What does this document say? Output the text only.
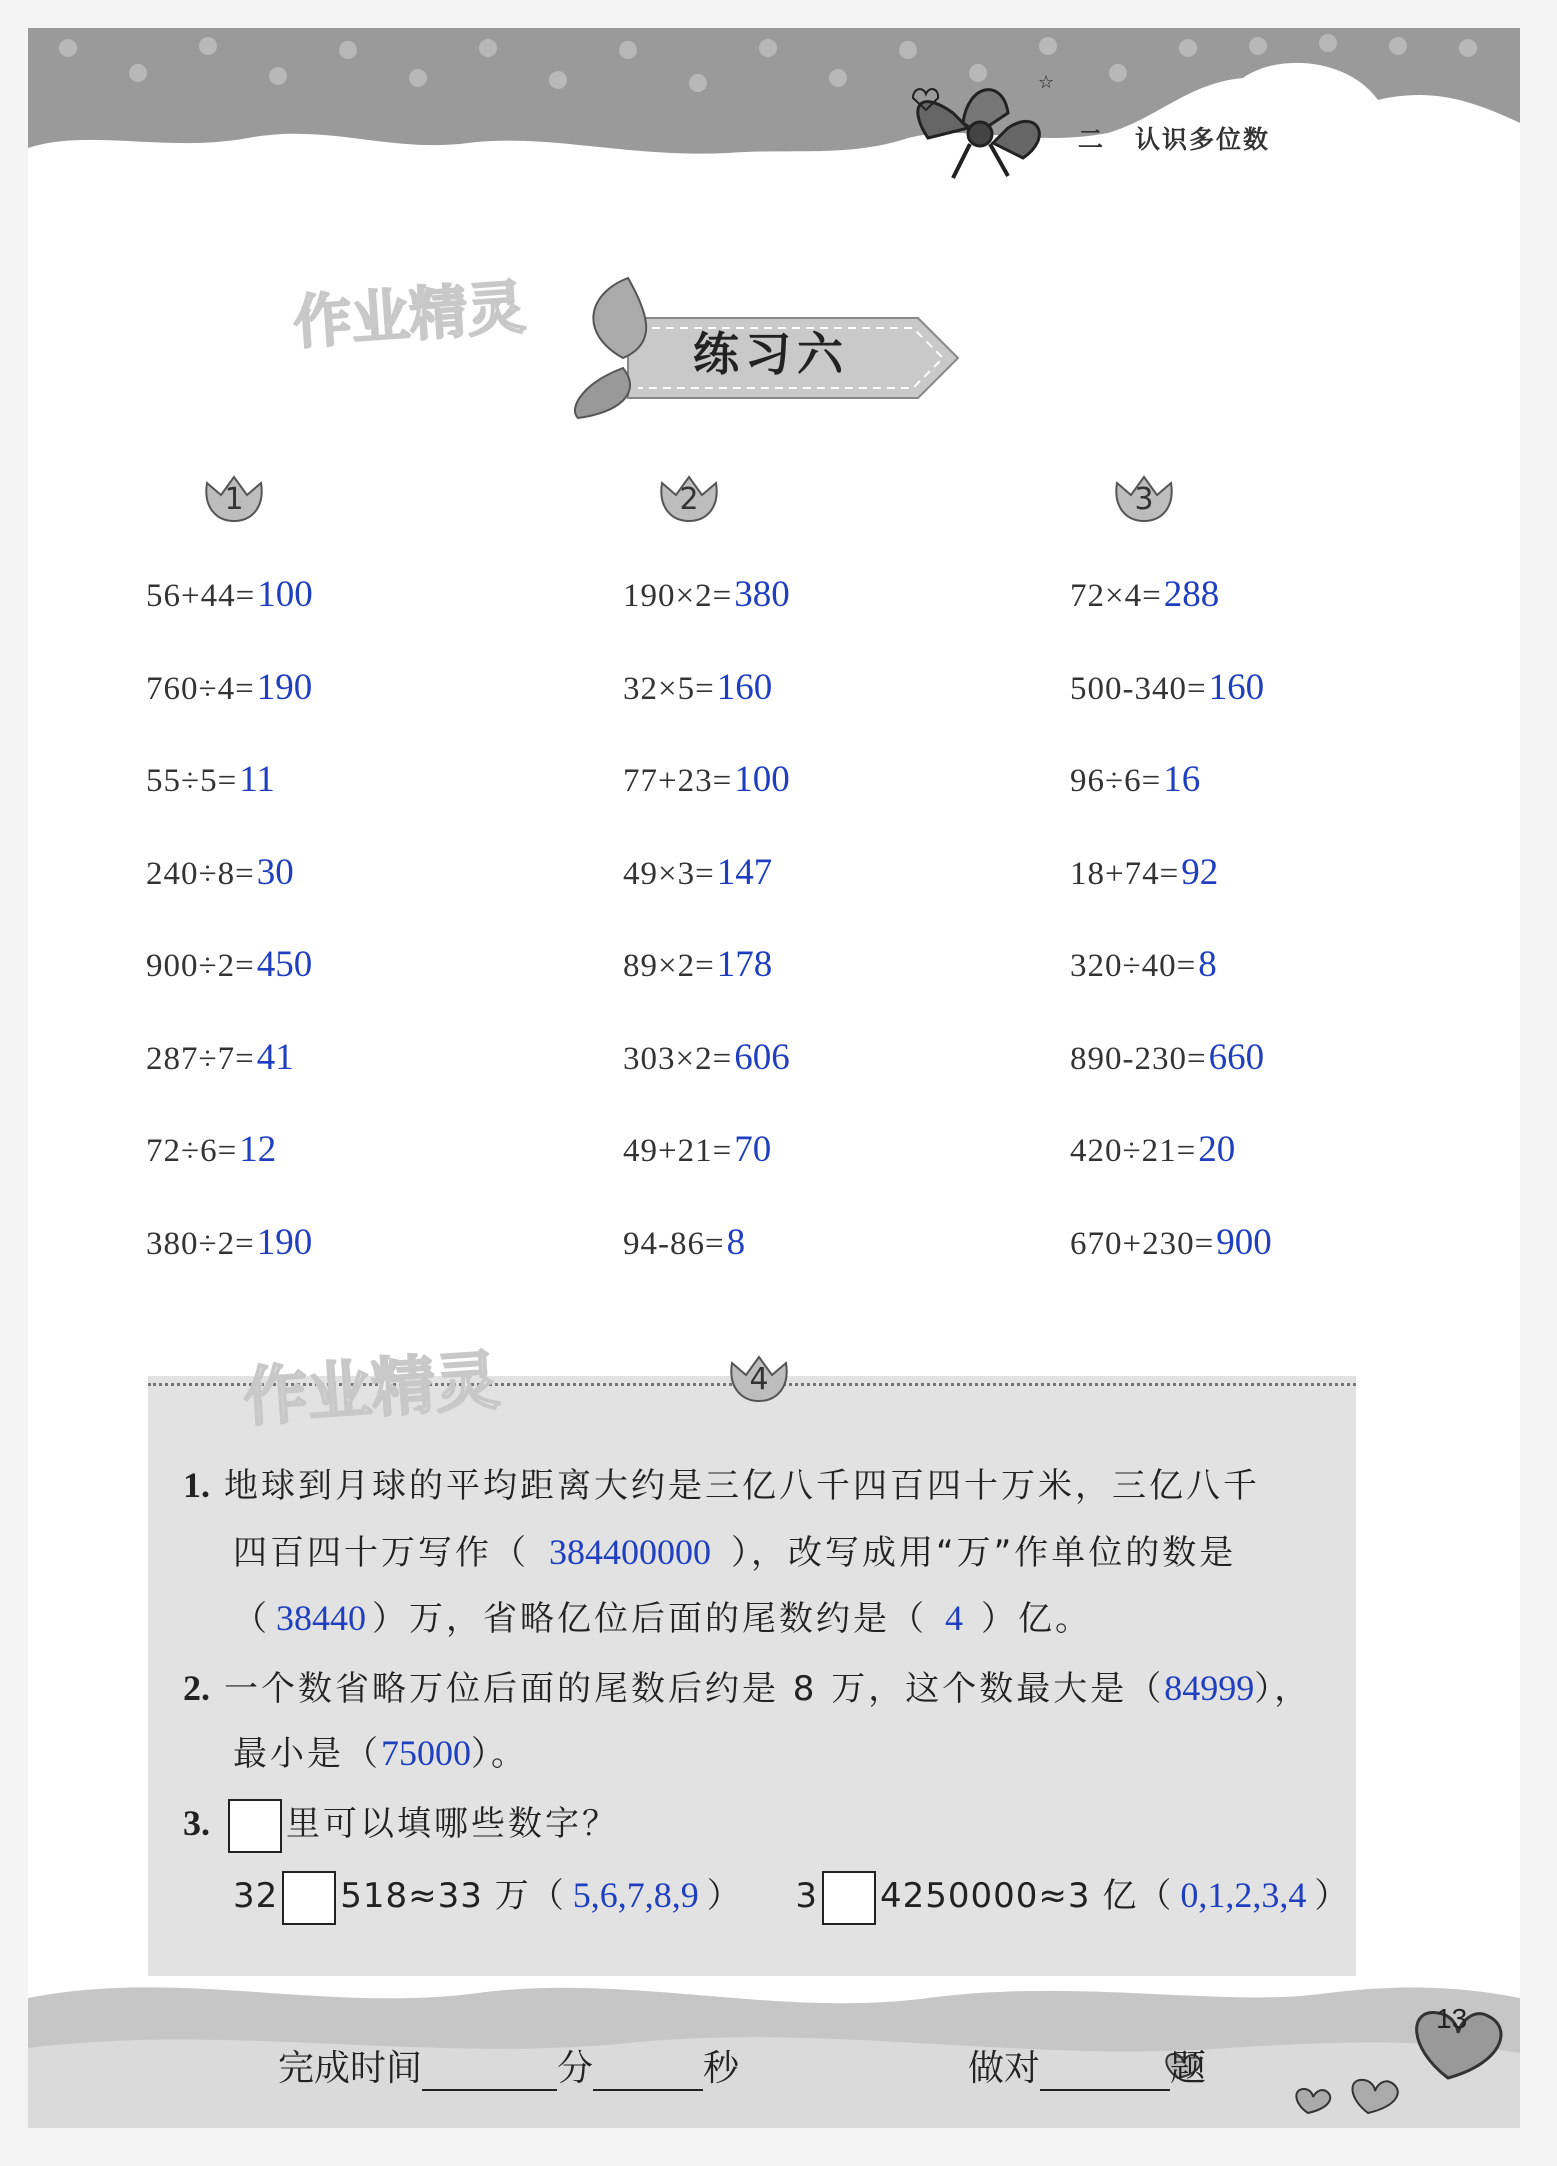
☆
二 认识多位数
作业精灵	练习六
1	2	3
56+44=100
760÷4=190
55÷5=11
240÷8=30
900÷2=450
287÷7=41
72÷6=12
380÷2=190
190×2=380
32×5=160
77+23=100
49×3=147
89×2=178
303×2=606
49+21=70
94-86=8
72×4=288
500-340=160
96÷6=16
18+74=92
320÷40=8
890-230=660
420÷21=20
670+230=900
作业精灵	4
1. 地球到月球的平均距离大约是三亿八千四百四十万米，三亿八千
四百四十万写作（ 384400000 ），改写成用“万”作单位的数是
（ 38440 ）万，省略亿位后面的尾数约是（ 4 ）亿。
2. 一个数省略万位后面的尾数后约是 8 万，这个数最大是（84999），
最小是（75000）。
3. 里可以填哪些数字？
32 518≈33 万（ 5,6,7,8,9 ） 3 4250000≈3 亿（ 0,1,2,3,4 ）
完成时间	分	秒	做对	题
13
